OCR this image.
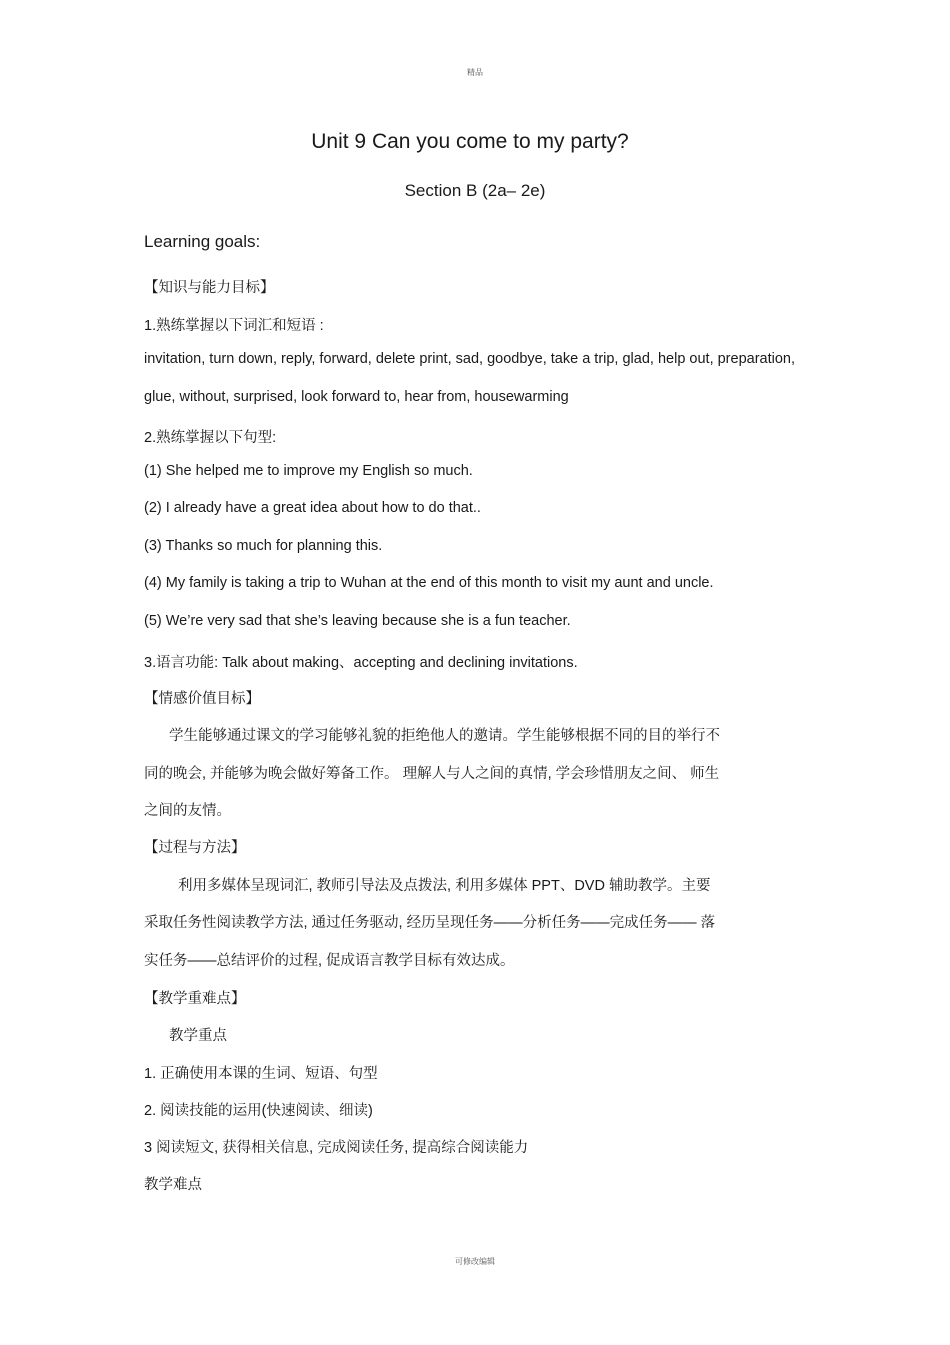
精品
Unit 9 Can you come to my party?
Section B (2a– 2e)
Learning goals:
【知识与能力目标】
1.熟练掌握以下词汇和短语 :
invitation, turn down, reply, forward, delete print, sad, goodbye, take a trip, glad, help out, preparation,
glue, without, surprised, look forward to, hear from, housewarming
2.熟练掌握以下句型:
(1) She helped me to improve my English so much.
(2) I already have a great idea about how to do that..
(3) Thanks so much for planning this.
(4) My family is taking a trip to Wuhan at the end of this month to visit my aunt and uncle.
(5) We’re very sad that she’s leaving because she is a fun teacher.
3.语言功能: Talk about making、accepting and declining invitations.
【情感价值目标】
学生能够通过课文的学习能够礼貌的拒绝他人的邀请。学生能够根据不同的目的举行不
同的晚会, 并能够为晚会做好筹备工作。 理解人与人之间的真情, 学会珍惜朋友之间、 师生
之间的友情。
【过程与方法】
利用多媒体呈现词汇, 教师引导法及点拨法, 利用多媒体 PPT、DVD 辅助教学。主要
采取任务性阅读教学方法, 通过任务驱动, 经历呈现任务——分析任务——完成任务—— 落
实任务——总结评价的过程, 促成语言教学目标有效达成。
【教学重难点】
教学重点
1. 正确使用本课的生词、短语、句型
2. 阅读技能的运用(快速阅读、细读)
3 阅读短文, 获得相关信息, 完成阅读任务, 提高综合阅读能力
教学难点
可修改编辑
